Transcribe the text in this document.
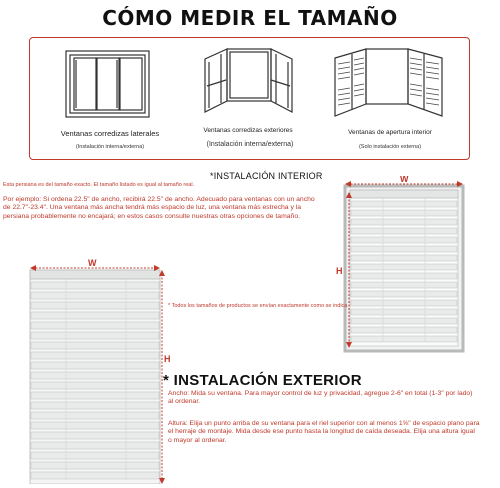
CÓMO MEDIR EL TAMAÑO
Ventanas corredizas laterales
(Instalación interna/externa)
Ventanas corredizas exteriores
(Instalación interna/externa)
Ventanas de apertura interior
(Solo instalación externa)
Esta persiana es del tamaño exacto. El tamaño listado es igual al tamaño real.
*INSTALACIÓN INTERIOR
Por ejemplo: Si ordena 22.5" de ancho, recibirá 22.5" de ancho. Adecuado para ventanas con un ancho de 22.7"-23.4". Una ventana más ancha tendrá más espacio de luz, una ventana más estrecha y la persiana probablemente no encajará; en estos casos consulte nuestras otras opciones de tamaño.
W
H
W
H
* Todos los tamaños de productos se envían exactamente como se indica
* INSTALACIÓN EXTERIOR
Ancho: Mida su ventana. Para mayor control de luz y privacidad, agregue 2-6" en total (1-3" por lado) al ordenar.
Altura: Elija un punto arriba de su ventana para el riel superior con al menos 1⅝" de espacio plano para el herraje de montaje. Mida desde ese punto hasta la longitud de caída deseada. Elija una altura igual o mayor al ordenar.
